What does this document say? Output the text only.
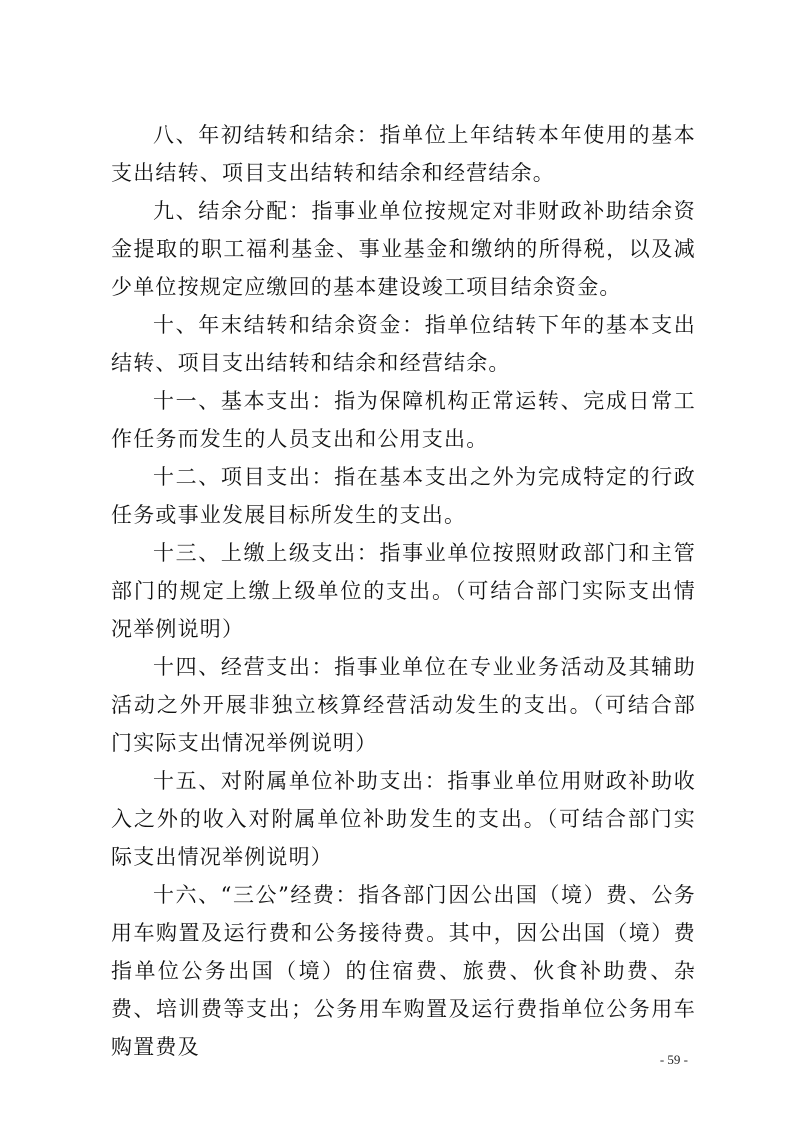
八、年初结转和结余：指单位上年结转本年使用的基本支出结转、项目支出结转和结余和经营结余。

九、结余分配：指事业单位按规定对非财政补助结余资金提取的职工福利基金、事业基金和缴纳的所得税，以及减少单位按规定应缴回的基本建设竣工项目结余资金。

十、年末结转和结余资金：指单位结转下年的基本支出结转、项目支出结转和结余和经营结余。

十一、基本支出：指为保障机构正常运转、完成日常工作任务而发生的人员支出和公用支出。

十二、项目支出：指在基本支出之外为完成特定的行政任务或事业发展目标所发生的支出。

十三、上缴上级支出：指事业单位按照财政部门和主管部门的规定上缴上级单位的支出。（可结合部门实际支出情况举例说明）

十四、经营支出：指事业单位在专业业务活动及其辅助活动之外开展非独立核算经营活动发生的支出。（可结合部门实际支出情况举例说明）

十五、对附属单位补助支出：指事业单位用财政补助收入之外的收入对附属单位补助发生的支出。（可结合部门实际支出情况举例说明）

十六、“三公”经费：指各部门因公出国（境）费、公务用车购置及运行费和公务接待费。其中，因公出国（境）费指单位公务出国（境）的住宿费、旅费、伙食补助费、杂费、培训费等支出；公务用车购置及运行费指单位公务用车购置费及

- 59 -
